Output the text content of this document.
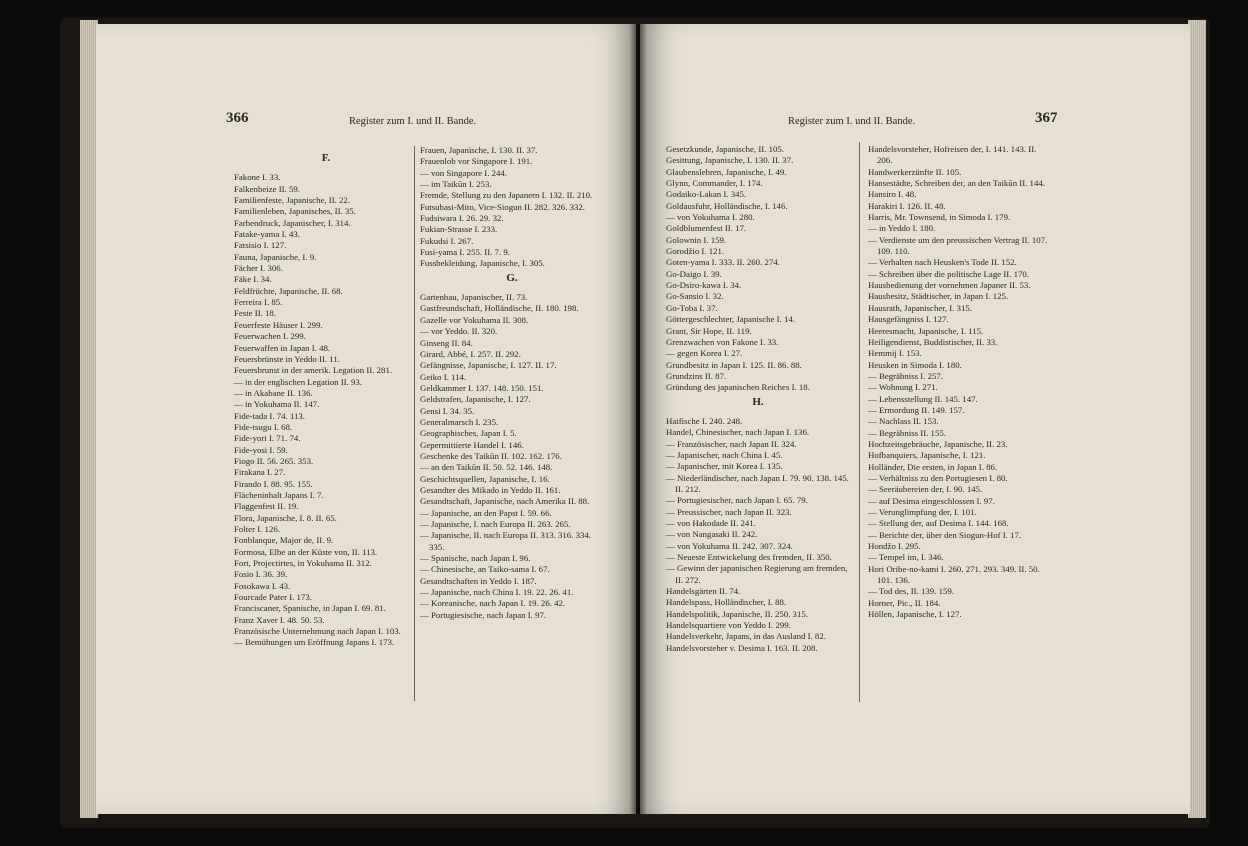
366	Register zum I. und II. Bande.
F.

Fakone I. 33.

Falkenbeize II. 59.

Familienfeste, Japanische, II. 22.

Familienleben, Japanisches, II. 35.

Farbendruck, Japanischer, I. 314.

Fatake-yama I. 43.

Fatsisio I. 127.

Fauna, Japanische, I. 9.

Fächer I. 306.

Fäke I. 34.

Feldfrüchte, Japanische, II. 68.

Ferreira I. 85.

Feste II. 18.

Feuerfeste Häuser I. 299.

Feuerwachen I. 299.

Feuerwaffen in Japan I. 48.

Feuersbrünste in Yeddo II. 11.

Feuersbrunst in der amerik. Legation II. 281.

— in der englischen Legation II. 93.

— in Akabane II. 136.

— in Yokuhama II. 147.

Fide-tada I. 74. 113.

Fide-tsugu I. 68.

Fide-yori I. 71. 74.

Fide-yosi I. 59.

Fiogo II. 56. 265. 353.

Firakana I. 27.

Firando I. 88. 95. 155.

Flächeninhalt Japans I. 7.

Flaggenfest II. 19.

Flora, Japanische, I. 8. II. 65.

Folter I. 126.

Fonblanque, Major de, II. 9.

Formosa, Elbe an der Küste von, II. 113.

Fort, Projectirtes, in Yokuhama II. 312.

Fosio I. 36. 39.

Fosokawa I. 43.

Fourcade Pater I. 173.

Franciscaner, Spanische, in Japan I. 69. 81.

Franz Xaver I. 48. 50. 53.

Französische Unternehmung nach Japan I. 103.

— Bemühungen um Eröffnung Japans I. 173.

Frauen, Japanische, I. 130. II. 37.

Frauenlob vor Singapore I. 191.

— von Singapore I. 244.

— im Taikūn I. 253.

Fremde, Stellung zu den Japanern I. 132. II. 210.

Futsubasi-Mito, Vice-Siogun II. 282. 326. 332.

Fudsiwara I. 26. 29. 32.

Fukian-Strasse I. 233.

Fukudsi I. 267.

Fusi-yama I. 255. II. 7. 9.

Fussbekleidung, Japanische, I. 305.

G.

Gartenbau, Japanischer, II. 73.

Gastfreundschaft, Holländische, II. 180. 198.

Gazelle vor Yokuhama II. 308.

— vor Yeddo. II. 320.

Ginseng II. 84.

Girard, Abbé, I. 257. II. 292.

Gefängnisse, Japanische, I. 127. II. 17.

Geiko I. 114.

Geldkammer I. 137. 148. 150. 151.

Geldstrafen, Japanische, I. 127.

Gensi I. 34. 35.

Generalmarsch I. 235.

Geographisches, Japan I. 5.

Gepermittierte Handel I. 146.

Geschenke des Taikūn II. 102. 162. 176.

— an den Taikūn II. 50. 52. 146. 148.

Geschichtsquellen, Japanische, I. 16.

Gesandter des Mikado in Yeddo II. 161.

Gesandtschaft, Japanische, nach Amerika II. 88.

— Japanische, an den Papst I. 59. 66.

— Japanische, I. nach Europa II. 263. 265.

— Japanische, II. nach Europa II. 313. 316. 334. 335.

— Spanische, nach Japan I. 96.

— Chinesische, an Taiko-sama I. 67.

Gesandtschaften in Yeddo I. 187.

— Japanische, nach China I. 19. 22. 26. 41.

— Koreanische, nach Japan I. 19. 26. 42.

— Portugiesische, nach Japan I. 97.

Register zum I. und II. Bande.	367

Gesetzkunde, Japanische, II. 105.

Gesittung, Japanische, I. 130. II. 37.

Glaubenslehren, Japanische, I. 49.

Glynn, Commander, I. 174.

Godaiko-Lakan I. 345.

Goldausfuhr, Holländische, I. 146.

— von Yokuhama I. 280.

Goldblumenfest II. 17.

Golownin I. 159.

Gorodžio I. 121.

Goten-yama I. 333. II. 260. 274.

Go-Daigo I. 39.

Go-Dsiro-kawa I. 34.

Go-Sansio I. 32.

Go-Toba I. 37.

Göttergeschlechter, Japanische I. 14.

Grant, Sir Hope, II. 119.

Grenzwachen von Fakone I. 33.

— gegen Korea I. 27.

Grundbesitz in Japan I. 125. II. 86. 88.

Grundzins II. 87.

Gründung des japanischen Reiches I. 18.

H.

Haifische I. 240. 248.

Handel, Chinesischer, nach Japan I. 136.

— Französischer, nach Japan II. 324.

— Japanischer, nach China I. 45.

— Japanischer, mit Korea I. 135.

— Niederländischer, nach Japan I. 79. 90. 138. 145. II. 212.

— Portugiesischer, nach Japan I. 65. 79.

— Preussischer, nach Japan II. 323.

— von Hakodade II. 241.

— von Nangasaki II. 242.

— von Yokuhama II. 242. 307. 324.

— Neueste Entwickelung des fremden, II. 350.

— Gewinn der japanischen Regierung am fremden, II. 272.

Handelsgärten II. 74.

Handelspass, Holländischer, I. 88.

Handelspolitik, Japanische, II. 250. 315.

Handelsquartiere von Yeddo I. 299.

Handelsverkehr, Japans, in das Ausland I. 82.

Handelsvorsteher v. Desima I. 163. II. 208.

Handelsvorsteher, Hofreisen der, I. 141. 143. II. 206.

Handwerkerzünfte II. 105.

Hansestädte, Schreiben der, an den Taikūn II. 144.

Hansiro I. 48.

Harakiri I. 126. II. 48.

Harris, Mr. Townsend, in Simoda I. 179.

— in Yeddo I. 180.

— Verdienste um den preussischen Vertrag II. 107. 109. 110.

— Verhalten nach Heusken's Tode II. 152.

— Schreiben über die politische Lage II. 170.

Hausbedienung der vornehmen Japaner II. 53.

Hausbesitz, Städtischer, in Japan I. 125.

Hausrath, Japanischer, I. 315.

Hausgefängniss I. 127.

Heeresmacht, Japanische, I. 115.

Heiligendienst, Buddistischer, II. 33.

Hemmij I. 153.

Heusken in Simoda I. 180.

— Begräbniss I. 257.

— Wohnung I. 271.

— Lebensstellung II. 145. 147.

— Ermordung II. 149. 157.

— Nachlass II. 153.

— Begräbniss II. 155.

Hochzeitsgebräuche, Japanische, II. 23.

Hofbanquiers, Japanische, I. 121.

Holländer, Die ersten, in Japan I. 86.

— Verhältniss zu den Portugiesen I. 80.

— Seeräubereien der, I. 90. 145.

— auf Desima eingeschlossen I. 97.

— Verunglimpfung der, I. 101.

— Stellung der, auf Desima I. 144. 168.

— Berichte der, über den Siogun-Hof I. 17.

Hondžo I. 295.

— Tempel im, I. 346.

Hori Oribe-no-kami I. 260. 271. 293. 349. II. 50. 101. 136.

— Tod des, II. 139. 159.

Horner, Pic., II. 184.

Höllen, Japanische, I. 127.
